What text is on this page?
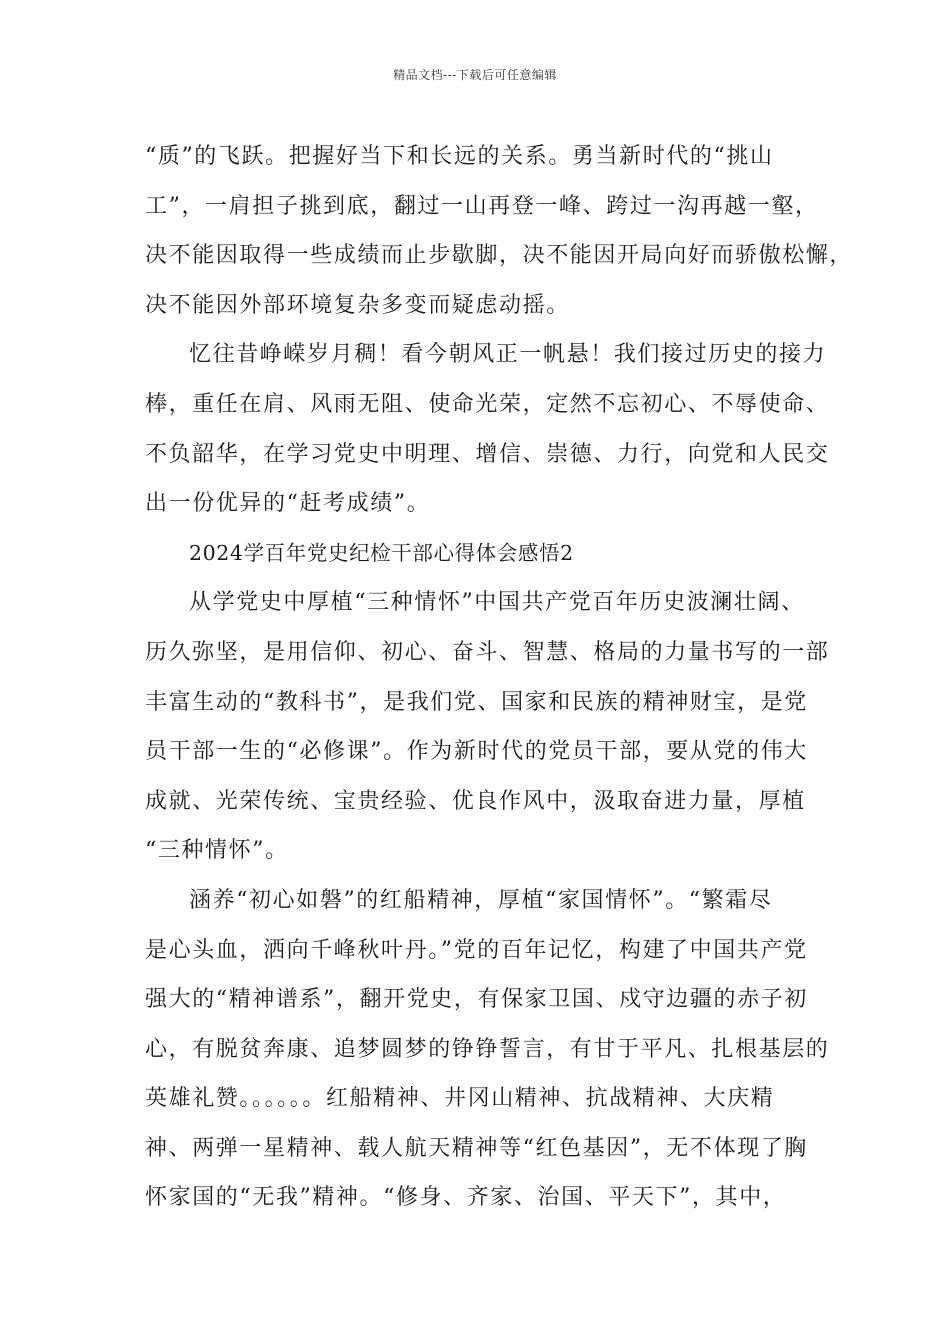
精品文档---下载后可任意编辑
“质”的飞跃。把握好当下和长远的关系。勇当新时代的“挑山
工”，一肩担子挑到底，翻过一山再登一峰、跨过一沟再越一壑，
决不能因取得一些成绩而止步歇脚，决不能因开局向好而骄傲松懈，
决不能因外部环境复杂多变而疑虑动摇。
忆往昔峥嵘岁月稠！看今朝风正一帆悬！我们接过历史的接力
棒，重任在肩、风雨无阻、使命光荣，定然不忘初心、不辱使命、
不负韶华，在学习党史中明理、增信、崇德、力行，向党和人民交
出一份优异的“赶考成绩”。
2024学百年党史纪检干部心得体会感悟2
从学党史中厚植“三种情怀”中国共产党百年历史波澜壮阔、
历久弥坚，是用信仰、初心、奋斗、智慧、格局的力量书写的一部
丰富生动的“教科书”，是我们党、国家和民族的精神财宝，是党
员干部一生的“必修课”。作为新时代的党员干部，要从党的伟大
成就、光荣传统、宝贵经验、优良作风中，汲取奋进力量，厚植
“三种情怀”。
涵养“初心如磐”的红船精神，厚植“家国情怀”。“繁霜尽
是心头血，洒向千峰秋叶丹。”党的百年记忆，构建了中国共产党
强大的“精神谱系”，翻开党史，有保家卫国、戍守边疆的赤子初
心，有脱贫奔康、追梦圆梦的铮铮誓言，有甘于平凡、扎根基层的
英雄礼赞。。。。。。红船精神、井冈山精神、抗战精神、大庆精
神、两弹一星精神、载人航天精神等“红色基因”，无不体现了胸
怀家国的“无我”精神。“修身、齐家、治国、平天下”，其中，
